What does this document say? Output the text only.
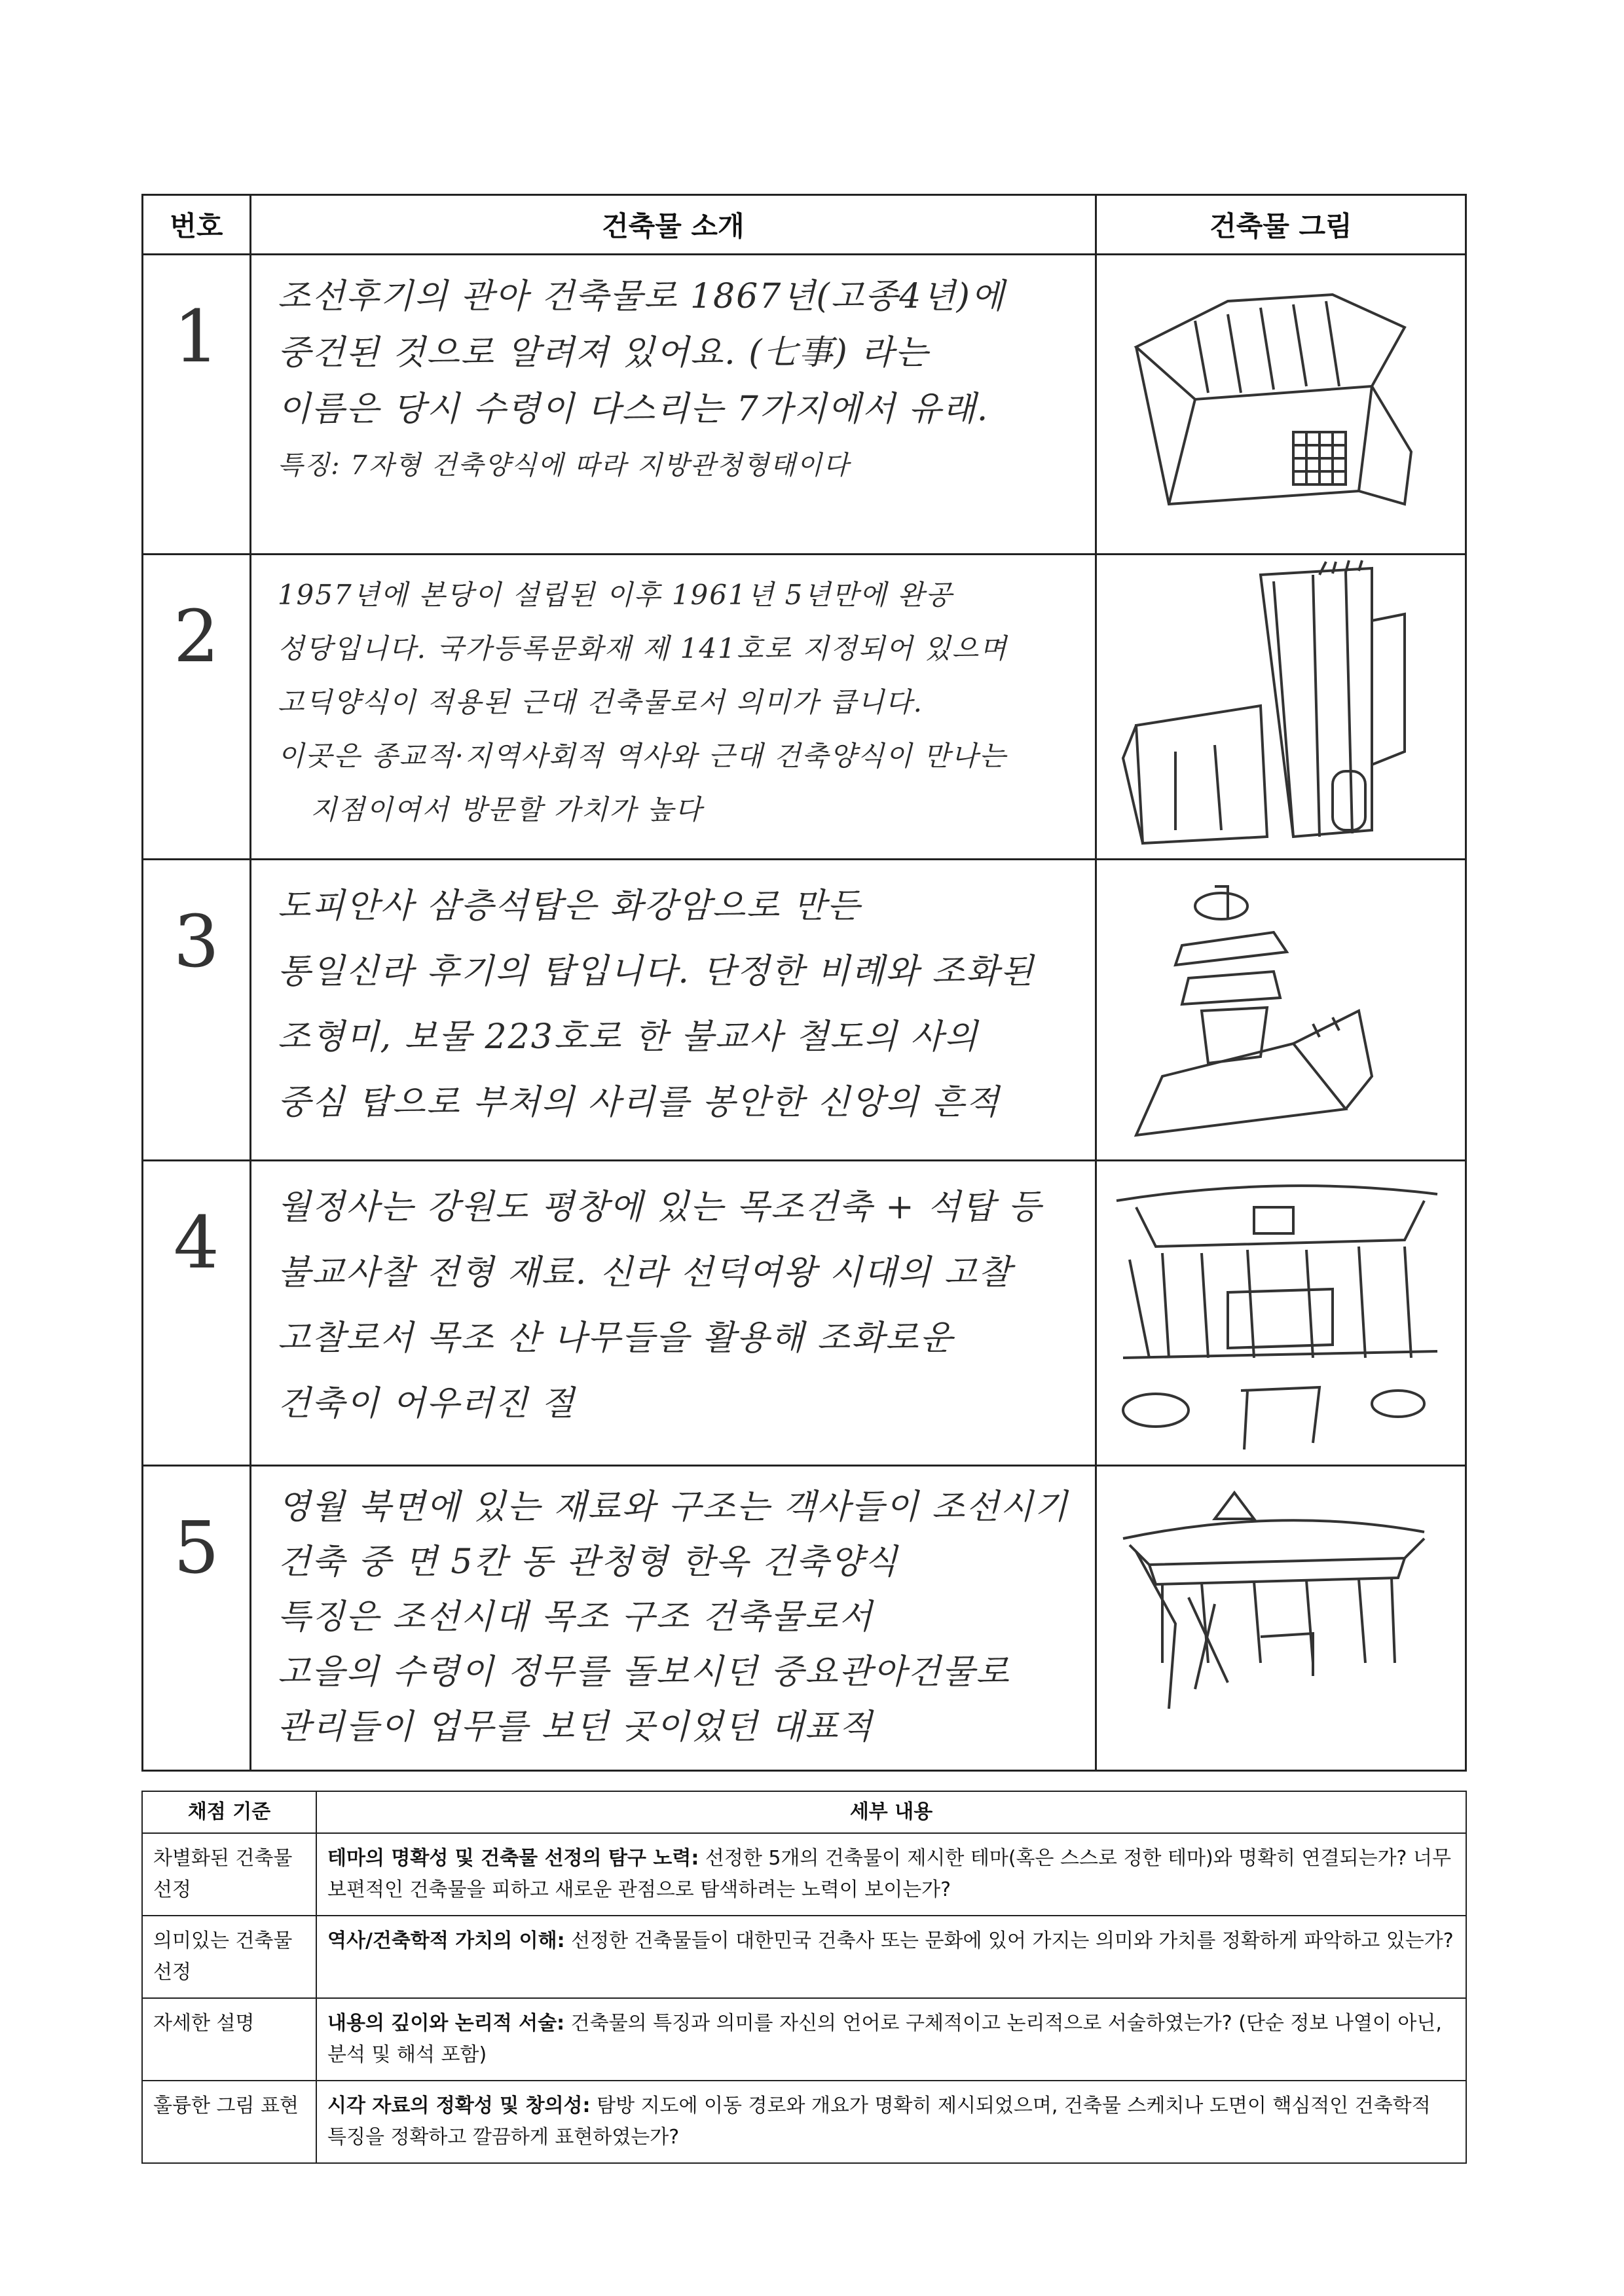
번호	건축물 소개	건축물 그림

1	조선후기의 관아 건축물로 1867년(고종4년)에
중건된 것으로 알려져 있어요. (七事) 라는
이름은 당시 수령이 다스리는 7가지에서 유래.
특징: 7자형 건축양식에 따라 지방관청형태이다

2	1957년에 본당이 설립된 이후 1961년 5년만에 완공
성당입니다. 국가등록문화재 제 141호로 지정되어 있으며
고딕양식이 적용된 근대 건축물로서 의미가 큽니다.
이곳은 종교적·지역사회적 역사와 근대 건축양식이 만나는
지점이여서 방문할 가치가 높다

3	도피안사 삼층석탑은 화강암으로 만든
통일신라 후기의 탑입니다. 단정한 비례와 조화된
조형미, 보물 223호로 한 불교사 철도의 사의
중심 탑으로 부처의 사리를 봉안한 신앙의 흔적

4	월정사는 강원도 평창에 있는 목조건축 + 석탑 등
불교사찰 전형 재료. 신라 선덕여왕 시대의 고찰
고찰로서 목조 산 나무들을 활용해 조화로운
건축이 어우러진 절

5	영월 북면에 있는 재료와 구조는 객사들이 조선시기
건축 중 면 5칸 동 관청형 한옥 건축양식
특징은 조선시대 목조 구조 건축물로서
고을의 수령이 정무를 돌보시던 중요관아건물로
관리들이 업무를 보던 곳이었던 대표적

채점 기준	세부 내용
차별화된 건축물 선정	테마의 명확성 및 건축물 선정의 탐구 노력: 선정한 5개의 건축물이 제시한 테마(혹은 스스로 정한 테마)와 명확히 연결되는가? 너무 보편적인 건축물을 피하고 새로운 관점으로 탐색하려는 노력이 보이는가?
의미있는 건축물 선정	역사/건축학적 가치의 이해: 선정한 건축물들이 대한민국 건축사 또는 문화에 있어 가지는 의미와 가치를 정확하게 파악하고 있는가?
자세한 설명	내용의 깊이와 논리적 서술: 건축물의 특징과 의미를 자신의 언어로 구체적이고 논리적으로 서술하였는가? (단순 정보 나열이 아닌, 분석 및 해석 포함)
훌륭한 그림 표현	시각 자료의 정확성 및 창의성: 탐방 지도에 이동 경로와 개요가 명확히 제시되었으며, 건축물 스케치나 도면이 핵심적인 건축학적 특징을 정확하고 깔끔하게 표현하였는가?
